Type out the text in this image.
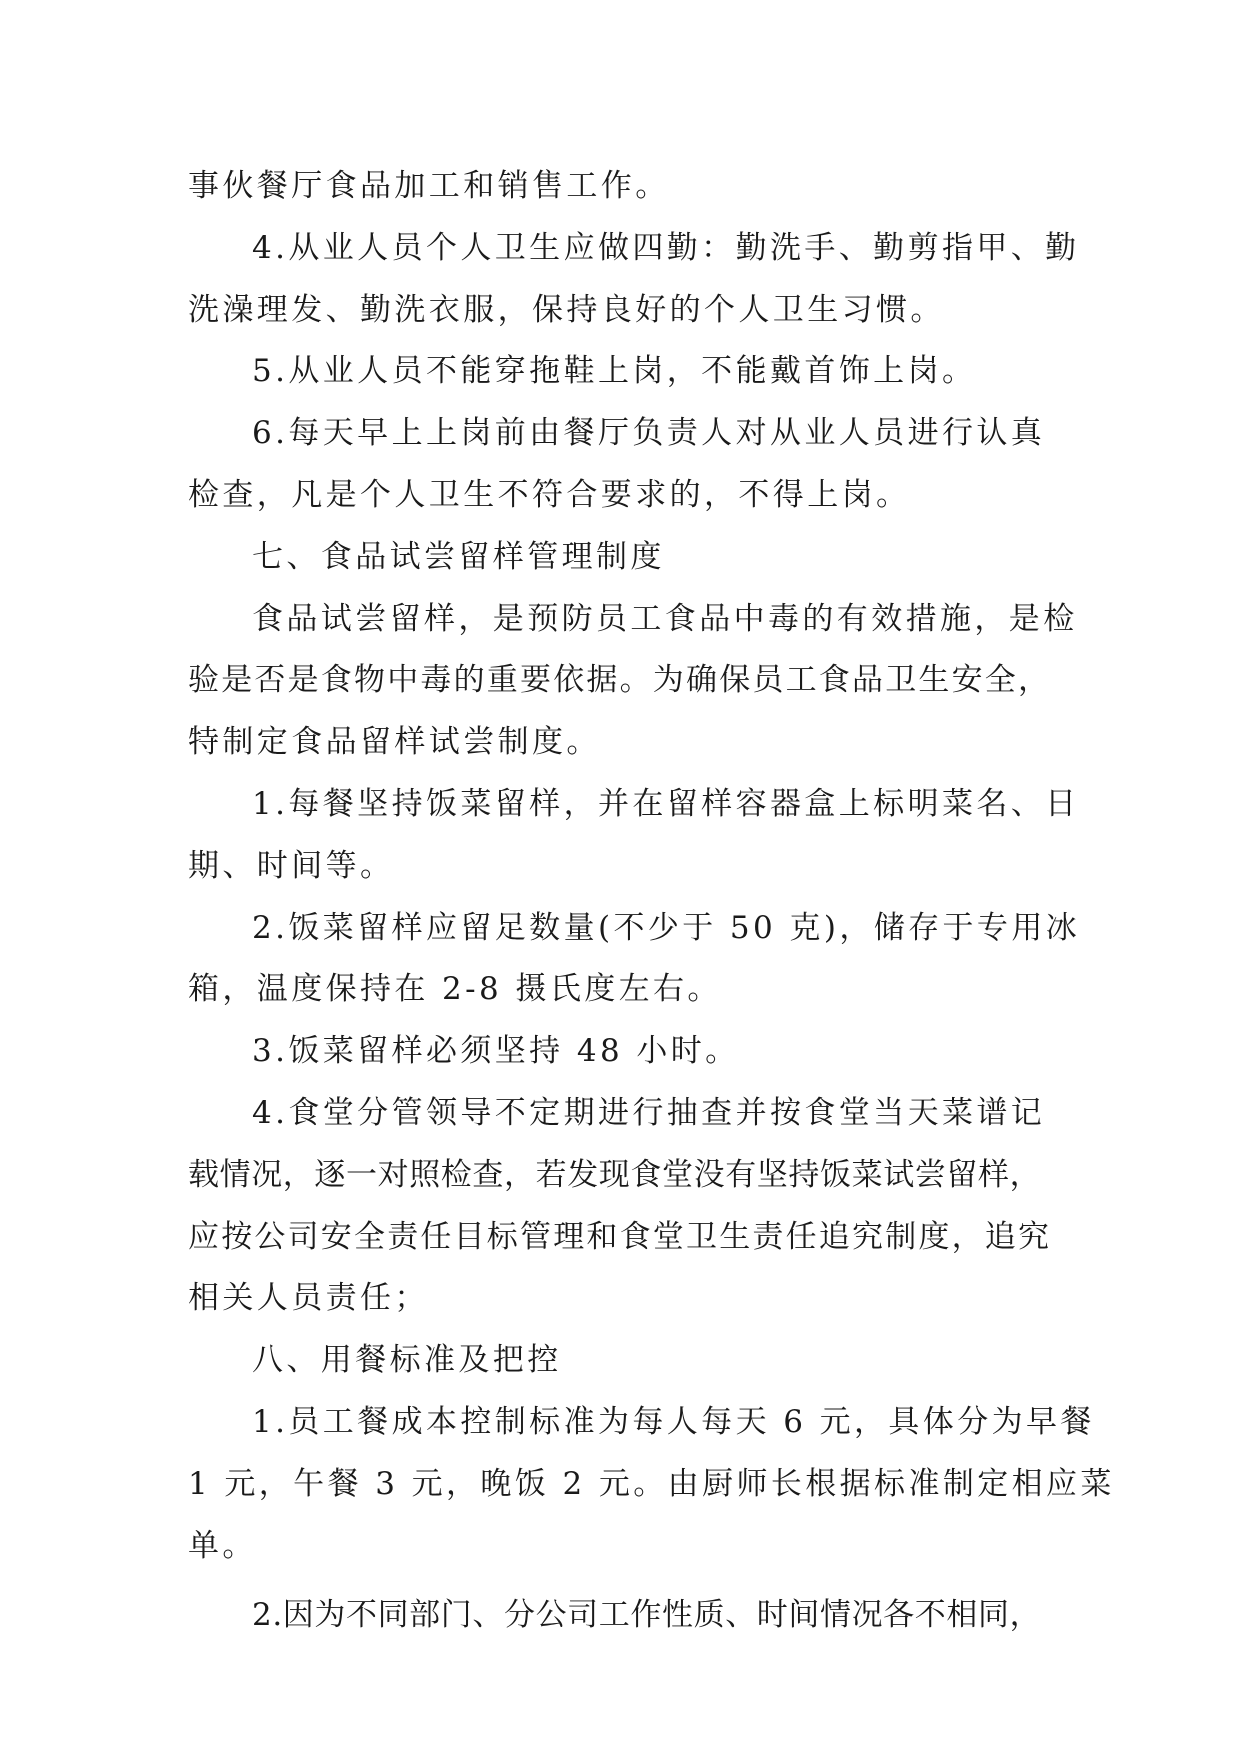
事伙餐厅食品加工和销售工作。
4.从业人员个人卫生应做四勤：勤洗手、勤剪指甲、勤
洗澡理发、勤洗衣服，保持良好的个人卫生习惯。
5.从业人员不能穿拖鞋上岗，不能戴首饰上岗。
6.每天早上上岗前由餐厅负责人对从业人员进行认真
检查，凡是个人卫生不符合要求的，不得上岗。
七、食品试尝留样管理制度
食品试尝留样，是预防员工食品中毒的有效措施，是检
验是否是食物中毒的重要依据。为确保员工食品卫生安全，
特制定食品留样试尝制度。
1.每餐坚持饭菜留样，并在留样容器盒上标明菜名、日
期、时间等。
2.饭菜留样应留足数量(不少于 50 克)，储存于专用冰
箱，温度保持在 2-8 摄氏度左右。
3.饭菜留样必须坚持 48 小时。
4.食堂分管领导不定期进行抽查并按食堂当天菜谱记
载情况，逐一对照检查，若发现食堂没有坚持饭菜试尝留样，
应按公司安全责任目标管理和食堂卫生责任追究制度，追究
相关人员责任；
八、用餐标准及把控
1.员工餐成本控制标准为每人每天 6 元，具体分为早餐
1 元，午餐 3 元，晚饭 2 元。由厨师长根据标准制定相应菜
单。
2.因为不同部门、分公司工作性质、时间情况各不相同，
